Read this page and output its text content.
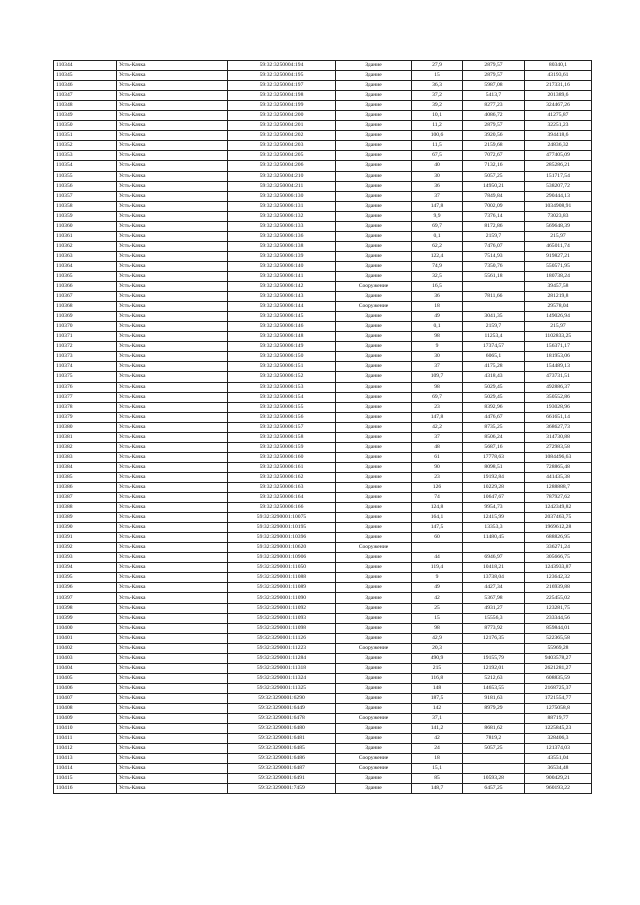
110344	Усть-Качка	59:32:3250004:194	Здание	27,9	2879,57	80340,1
110345	Усть-Качка	59:32:3250004:195	Здание	15	2879,57	43193,61
110346	Усть-Качка	59:32:3250004:197	Здание	36,3	5987,08	217331,16
110347	Усть-Качка	59:32:3250004:198	Здание	37,2	5413,7	201389,6
110348	Усть-Качка	59:32:3250004:199	Здание	39,2	8277,23	324467,26
110349	Усть-Качка	59:32:3250004:200	Здание	10,1	4086,72	41275,87
110350	Усть-Качка	59:32:3250004:201	Здание	11,2	2879,57	32251,23
110351	Усть-Качка	59:32:3250004:202	Здание	100,6	3920,56	394418,6
110352	Усть-Качка	59:32:3250004:203	Здание	11,5	2159,68	24836,32
110353	Усть-Качка	59:32:3250004:205	Здание	67,5	7072,67	477405,09
110354	Усть-Качка	59:32:3250004:206	Здание	40	7132,16	285286,21
110355	Усть-Качка	59:32:3250004:210	Здание	30	5057,25	151717,54
110356	Усть-Качка	59:32:3250004:211	Здание	36	14950,21	538207,72
110357	Усть-Качка	59:32:3250006:130	Здание	37	7849,84	290444,13
110358	Усть-Качка	59:32:3250006:131	Здание	147,8	7002,09	1034908,91
110359	Усть-Качка	59:32:3250006:132	Здание	9,9	7376,14	73023,83
110360	Усть-Качка	59:32:3250006:133	Здание	69,7	8172,86	569648,39
110361	Усть-Качка	59:32:3250006:136	Здание	0,1	2159,7	215,97
110362	Усть-Качка	59:32:3250006:138	Здание	62,2	7476,07	465011,74
110363	Усть-Качка	59:32:3250006:139	Здание	122,4	7514,93	919827,21
110364	Усть-Качка	59:32:3250006:140	Здание	74,9	7350,76	550571,95
110365	Усть-Качка	59:32:3250006:141	Здание	32,5	5561,18	180738,24
110366	Усть-Качка	59:32:3250006:142	Сооружение	16,5		39457,58
110367	Усть-Качка	59:32:3250006:143	Здание	36	7811,66	281219,8
110368	Усть-Качка	59:32:3250006:144	Сооружение	18		29578,04
110369	Усть-Качка	59:32:3250006:145	Здание	49	3041,35	149026,94
110370	Усть-Качка	59:32:3250006:146	Здание	0,1	2159,7	215,97
110371	Усть-Качка	59:32:3250006:148	Здание	98	11253,4	1102833,25
110372	Усть-Качка	59:32:3250006:149	Здание	9	17374,57	156371,17
110373	Усть-Качка	59:32:3250006:150	Здание	30	6065,1	181953,06
110374	Усть-Качка	59:32:3250006:151	Здание	37	4175,28	154489,13
110375	Усть-Качка	59:32:3250006:152	Здание	109,7	4318,43	473731,51
110376	Усть-Качка	59:32:3250006:153	Здание	98	5029,45	492886,37
110377	Усть-Качка	59:32:3250006:154	Здание	69,7	5029,45	350552,86
110378	Усть-Качка	59:32:3250006:155	Здание	23	8392,96	193028,96
110379	Усть-Качка	59:32:3250006:156	Здание	147,8	4476,67	661651,14
110380	Усть-Качка	59:32:3250006:157	Здание	42,2	8735,25	368627,73
110381	Усть-Качка	59:32:3250006:158	Здание	37	8506,24	314730,88
110382	Усть-Качка	59:32:3250006:159	Здание	48	5687,16	272983,58
110383	Усть-Качка	59:32:3250006:160	Здание	61	17778,63	1084496,63
110384	Усть-Качка	59:32:3250006:161	Здание	90	8098,51	728865,48
110385	Усть-Качка	59:32:3250006:162	Здание	23	19192,84	441435,38
110386	Усть-Качка	59:32:3250006:163	Здание	126	10229,28	1288888,7
110387	Усть-Качка	59:32:3250006:164	Здание	74	10647,67	787927,62
110388	Усть-Качка	59:32:3250006:166	Здание	124,8	9954,73	1242349,82
110389	Усть-Качка	59:32:3290001:10075	Здание	164,1	12415,99	2037463,75
110390	Усть-Качка	59:32:3290001:10195	Здание	147,5	13353,3	1969612,28
110391	Усть-Качка	59:32:3290001:10396	Здание	60	11480,45	688826,95
110392	Усть-Качка	59:32:3290001:10620	Сооружение			336271,24
110393	Усть-Качка	59:32:3290001:10906	Здание	44	6946,97	305666,75
110394	Усть-Качка	59:32:3290001:11050	Здание	119,4	10418,21	1243933,87
110395	Усть-Качка	59:32:3290001:11088	Здание	9	13738,04	123642,32
110396	Усть-Качка	59:32:3290001:11089	Здание	49	4427,34	216939,88
110397	Усть-Качка	59:32:3290001:11090	Здание	42	5367,98	225455,02
110398	Усть-Качка	59:32:3290001:11092	Здание	25	4931,27	123281,75
110399	Усть-Качка	59:32:3290001:11093	Здание	15	15556,3	233344,56
110400	Усть-Качка	59:32:3290001:11098	Здание	98	8773,92	859844,01
110401	Усть-Качка	59:32:3290001:11126	Здание	42,9	12176,35	522365,58
110402	Усть-Качка	59:32:3290001:11223	Сооружение	20,3		55969,28
110403	Усть-Качка	59:32:3290001:11284	Здание	490,9	19155,79	9403578,27
110404	Усть-Качка	59:32:3290001:11318	Здание	215	12192,01	2621281,27
110405	Усть-Качка	59:32:3290001:11324	Здание	116,8	5212,63	608835,59
110406	Усть-Качка	59:32:3290001:11325	Здание	148	14653,55	2168725,37
110407	Усть-Качка	59:32:3290001:6290	Здание	187,5	9181,63	1721554,77
110408	Усть-Качка	59:32:3290001:6449	Здание	142	8979,29	1275058,8
110409	Усть-Качка	59:32:3290001:6478	Сооружение	37,1		88719,77
110410	Усть-Качка	59:32:3290001:6480	Здание	141,2	8681,62	1225845,23
110411	Усть-Качка	59:32:3290001:6481	Здание	42	7819,2	328406,3
110412	Усть-Качка	59:32:3290001:6485	Здание	24	5057,25	121374,03
110413	Усть-Качка	59:32:3290001:6486	Сооружение	18		43551,04
110414	Усть-Качка	59:32:3290001:6487	Сооружение	15,1		36534,48
110415	Усть-Качка	59:32:3290001:6491	Здание	85	10593,28	900429,21
110416	Усть-Качка	59:32:3290001:7459	Здание	148,7	6457,25	960193,22
